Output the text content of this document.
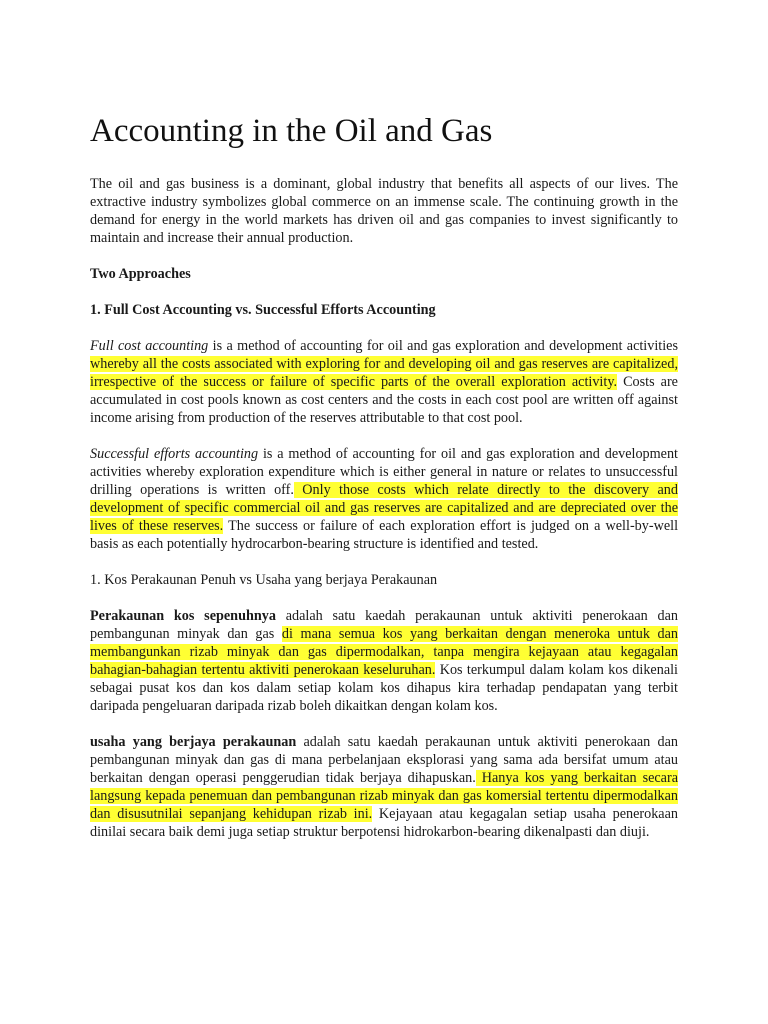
Accounting in the Oil and Gas

The oil and gas business is a dominant, global industry that benefits all aspects of our lives. The extractive industry symbolizes global commerce on an immense scale. The continuing growth in the demand for energy in the world markets has driven oil and gas companies to invest significantly to maintain and increase their annual production.

Two Approaches

1. Full Cost Accounting vs. Successful Efforts Accounting

Full cost accounting is a method of accounting for oil and gas exploration and development activities whereby all the costs associated with exploring for and developing oil and gas reserves are capitalized, irrespective of the success or failure of specific parts of the overall exploration activity. Costs are accumulated in cost pools known as cost centers and the costs in each cost pool are written off against income arising from production of the reserves attributable to that cost pool.

Successful efforts accounting is a method of accounting for oil and gas exploration and development activities whereby exploration expenditure which is either general in nature or relates to unsuccessful drilling operations is written off. Only those costs which relate directly to the discovery and development of specific commercial oil and gas reserves are capitalized and are depreciated over the lives of these reserves. The success or failure of each exploration effort is judged on a well-by-well basis as each potentially hydrocarbon-bearing structure is identified and tested.

1. Kos Perakaunan Penuh vs Usaha yang berjaya Perakaunan

Perakaunan kos sepenuhnya adalah satu kaedah perakaunan untuk aktiviti penerokaan dan pembangunan minyak dan gas di mana semua kos yang berkaitan dengan meneroka untuk dan membangunkan rizab minyak dan gas dipermodalkan, tanpa mengira kejayaan atau kegagalan bahagian-bahagian tertentu aktiviti penerokaan keseluruhan. Kos terkumpul dalam kolam kos dikenali sebagai pusat kos dan kos dalam setiap kolam kos dihapus kira terhadap pendapatan yang terbit daripada pengeluaran daripada rizab boleh dikaitkan dengan kolam kos.

usaha yang berjaya perakaunan adalah satu kaedah perakaunan untuk aktiviti penerokaan dan pembangunan minyak dan gas di mana perbelanjaan eksplorasi yang sama ada bersifat umum atau berkaitan dengan operasi penggerudian tidak berjaya dihapuskan. Hanya kos yang berkaitan secara langsung kepada penemuan dan pembangunan rizab minyak dan gas komersial tertentu dipermodalkan dan disusutnilai sepanjang kehidupan rizab ini. Kejayaan atau kegagalan setiap usaha penerokaan dinilai secara baik demi juga setiap struktur berpotensi hidrokarbon-bearing dikenalpasti dan diuji.
